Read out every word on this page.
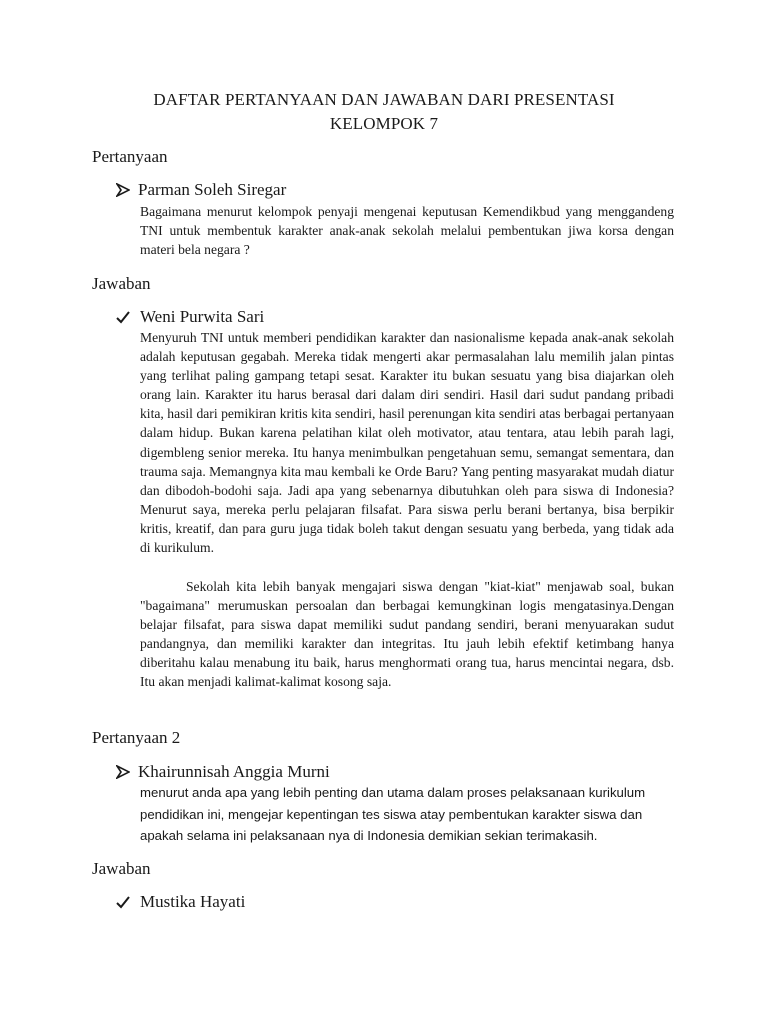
DAFTAR PERTANYAAN DAN JAWABAN DARI PRESENTASI
KELOMPOK 7
Pertanyaan
Parman Soleh Siregar

Bagaimana menurut kelompok penyaji mengenai keputusan Kemendikbud yang menggandeng TNI untuk membentuk karakter anak-anak sekolah melalui pembentukan jiwa korsa dengan materi bela negara ?

Jawaban
Weni Purwita Sari

Menyuruh TNI untuk memberi pendidikan karakter dan nasionalisme kepada anak-anak sekolah adalah keputusan gegabah. Mereka tidak mengerti akar permasalahan lalu memilih jalan pintas yang terlihat paling gampang tetapi sesat. Karakter itu bukan sesuatu yang bisa diajarkan oleh orang lain. Karakter itu harus berasal dari dalam diri sendiri. Hasil dari sudut pandang pribadi kita, hasil dari pemikiran kritis kita sendiri, hasil perenungan kita sendiri atas berbagai pertanyaan dalam hidup. Bukan karena pelatihan kilat oleh motivator, atau tentara, atau lebih parah lagi, digembleng senior mereka. Itu hanya menimbulkan pengetahuan semu, semangat sementara, dan trauma saja. Memangnya kita mau kembali ke Orde Baru? Yang penting masyarakat mudah diatur dan dibodoh-bodohi saja. Jadi apa yang sebenarnya dibutuhkan oleh para siswa di Indonesia? Menurut saya, mereka perlu pelajaran filsafat. Para siswa perlu berani bertanya, bisa berpikir kritis, kreatif, dan para guru juga tidak boleh takut dengan sesuatu yang berbeda, yang tidak ada di kurikulum.

Sekolah kita lebih banyak mengajari siswa dengan "kiat-kiat" menjawab soal, bukan "bagaimana" merumuskan persoalan dan berbagai kemungkinan logis mengatasinya.Dengan belajar filsafat, para siswa dapat memiliki sudut pandang sendiri, berani menyuarakan sudut pandangnya, dan memiliki karakter dan integritas. Itu jauh lebih efektif ketimbang hanya diberitahu kalau menabung itu baik, harus menghormati orang tua, harus mencintai negara, dsb. Itu akan menjadi kalimat-kalimat kosong saja.

Pertanyaan 2
Khairunnisah Anggia Murni

menurut anda apa yang lebih penting dan utama dalam proses pelaksanaan kurikulum pendidikan ini, mengejar kepentingan tes siswa atay pembentukan karakter siswa dan apakah selama ini pelaksanaan nya di Indonesia demikian sekian terimakasih.

Jawaban
Mustika Hayati
